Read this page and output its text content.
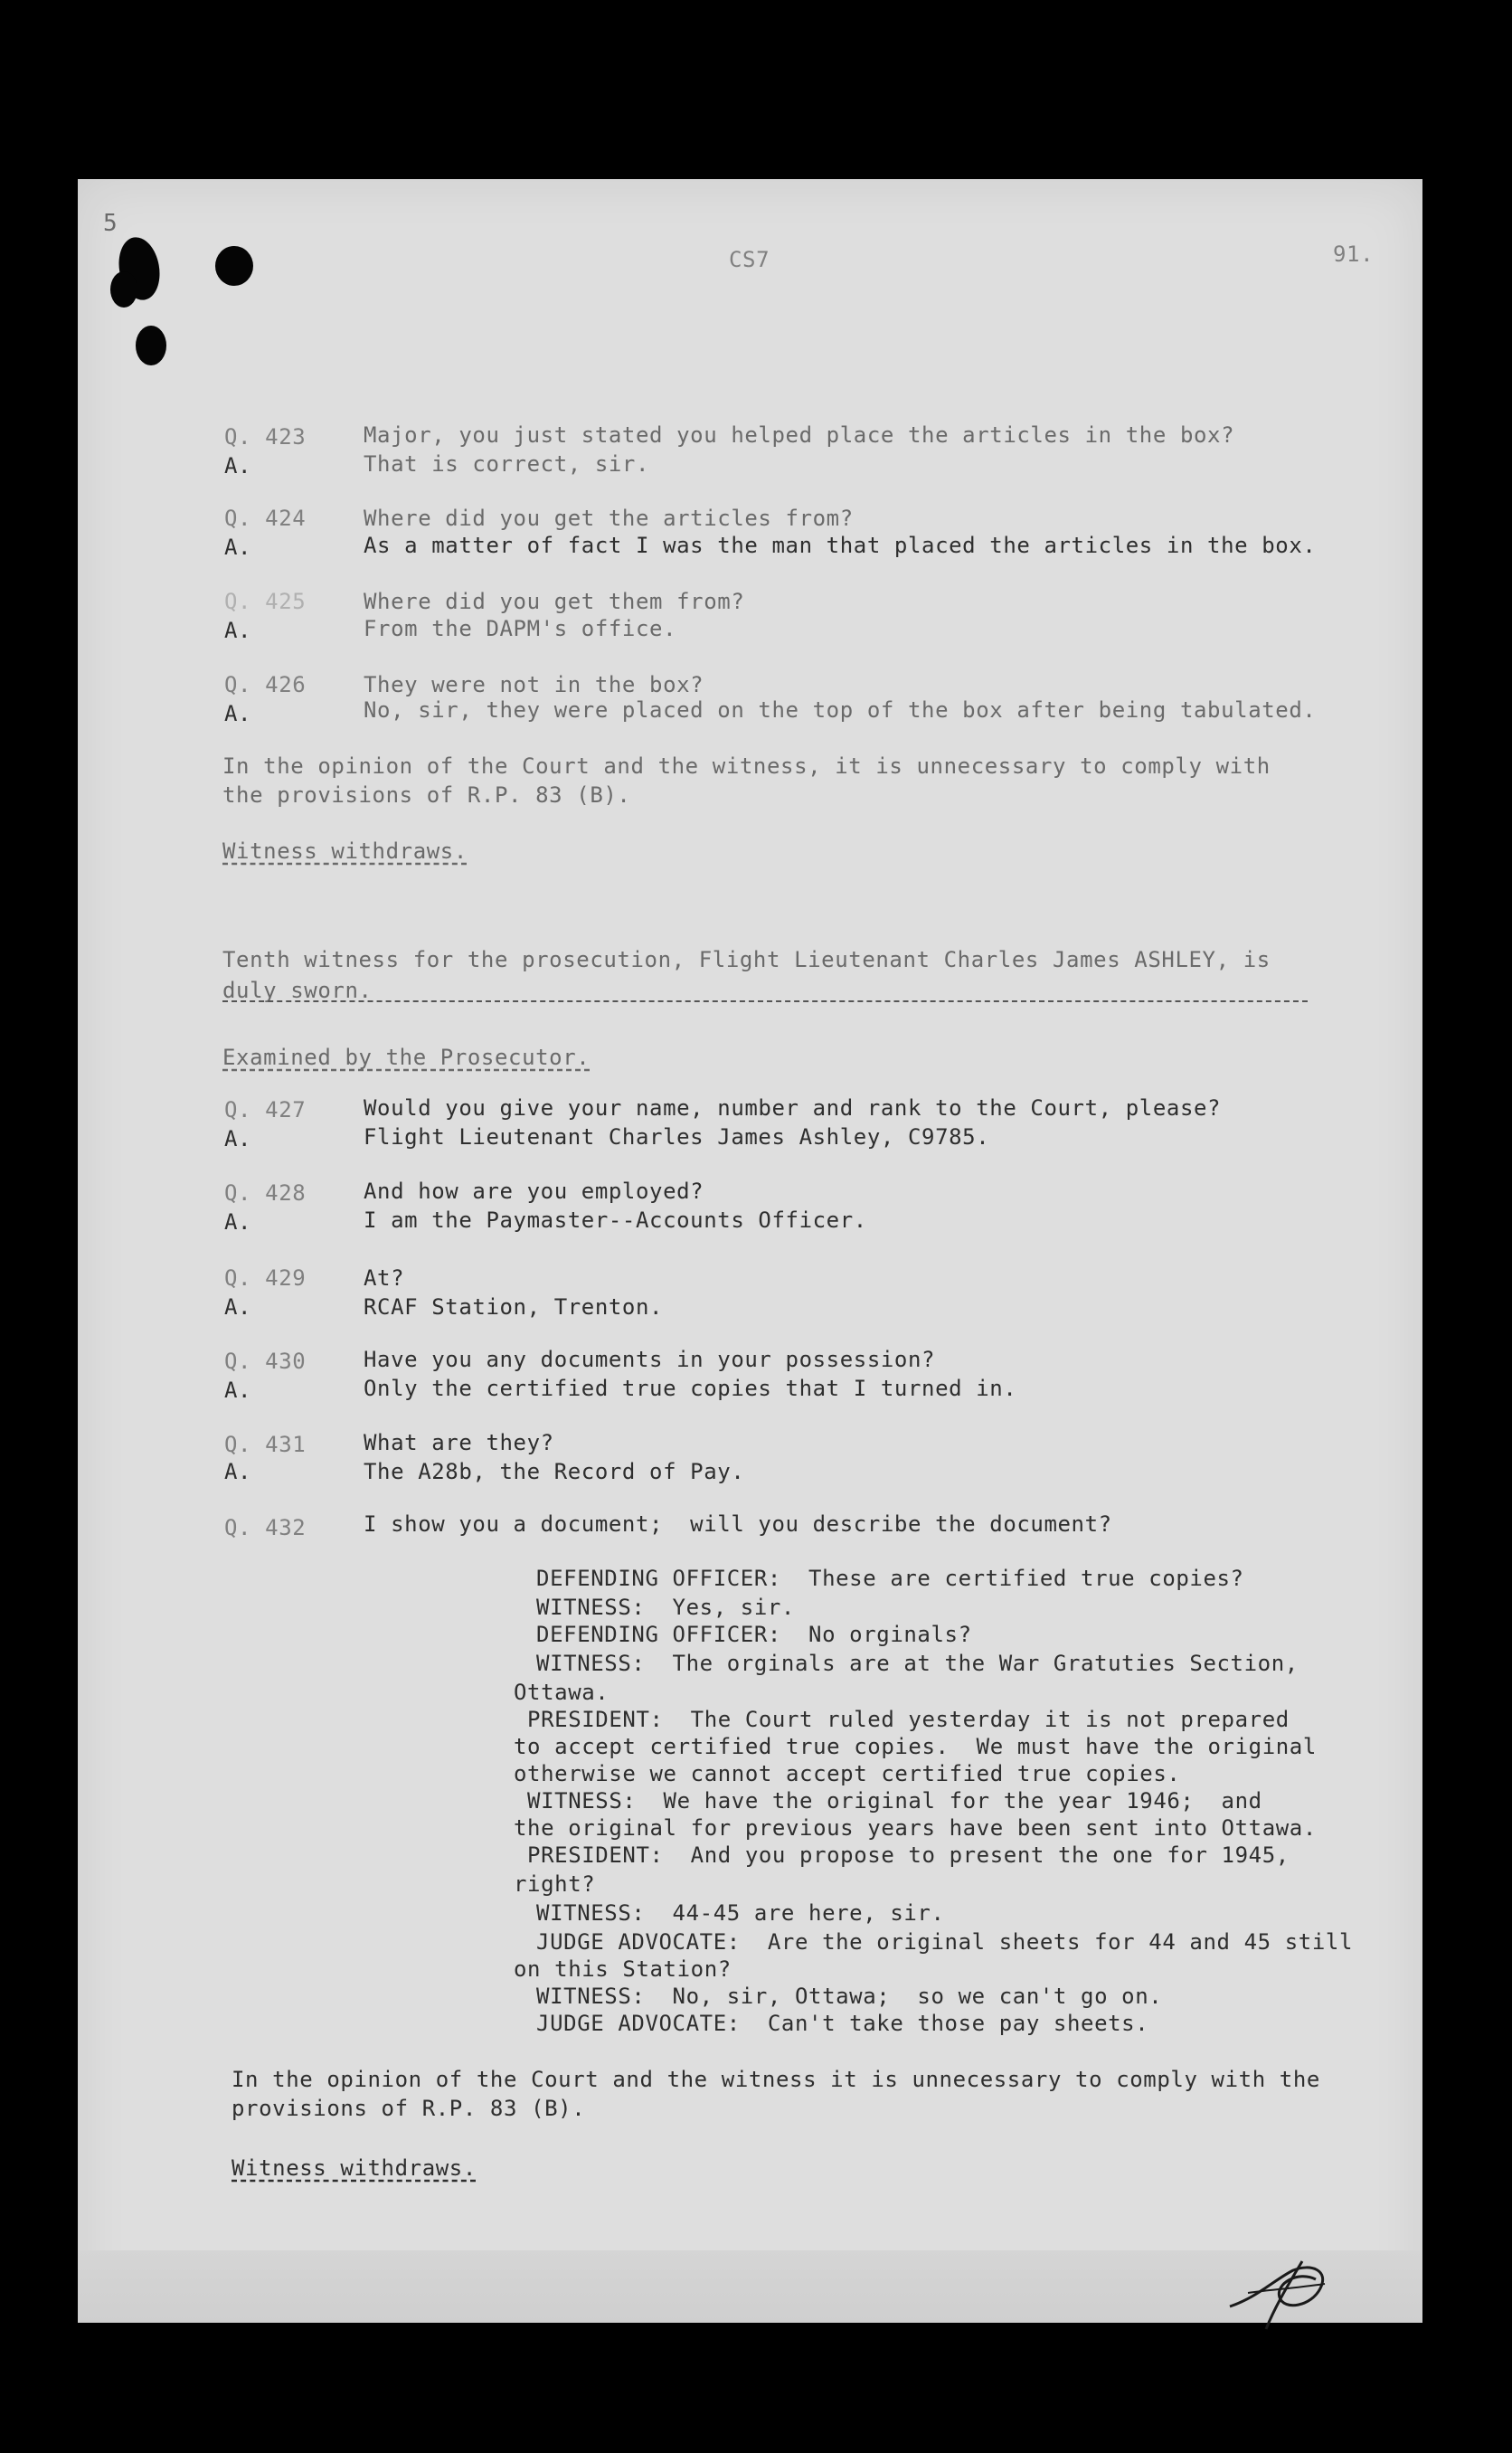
5
CS7	91.
Q. 423	Major, you just stated you helped place the articles in the box?
A.	That is correct, sir.
Q. 424	Where did you get the articles from?
A.	As a matter of fact I was the man that placed the articles in the box.
Q. 425	Where did you get them from?
A.	From the DAPM's office.
Q. 426	They were not in the box?
A.	No, sir, they were placed on the top of the box after being tabulated.
In the opinion of the Court and the witness, it is unnecessary to comply with
the provisions of R.P. 83 (B).
Witness withdraws.
Tenth witness for the prosecution, Flight Lieutenant Charles James ASHLEY, is
duly sworn.
Examined by the Prosecutor.
Q. 427	Would you give your name, number and rank to the Court, please?
A.	Flight Lieutenant Charles James Ashley, C9785.
Q. 428	And how are you employed?
A.	I am the Paymaster--Accounts Officer.
Q. 429	At?
A.	RCAF Station, Trenton.
Q. 430	Have you any documents in your possession?
A.	Only the certified true copies that I turned in.
Q. 431	What are they?
A.	The A28b, the Record of Pay.
Q. 432	I show you a document;  will you describe the document?
DEFENDING OFFICER:  These are certified true copies?
WITNESS:  Yes, sir.
DEFENDING OFFICER:  No orginals?
WITNESS:  The orginals are at the War Gratuties Section,
Ottawa.
PRESIDENT:  The Court ruled yesterday it is not prepared
to accept certified true copies.  We must have the original
otherwise we cannot accept certified true copies.
WITNESS:  We have the original for the year 1946;  and
the original for previous years have been sent into Ottawa.
PRESIDENT:  And you propose to present the one for 1945,
right?
WITNESS:  44-45 are here, sir.
JUDGE ADVOCATE:  Are the original sheets for 44 and 45 still
on this Station?
WITNESS:  No, sir, Ottawa;  so we can't go on.
JUDGE ADVOCATE:  Can't take those pay sheets.
In the opinion of the Court and the witness it is unnecessary to comply with the
provisions of R.P. 83 (B).
Witness withdraws.
